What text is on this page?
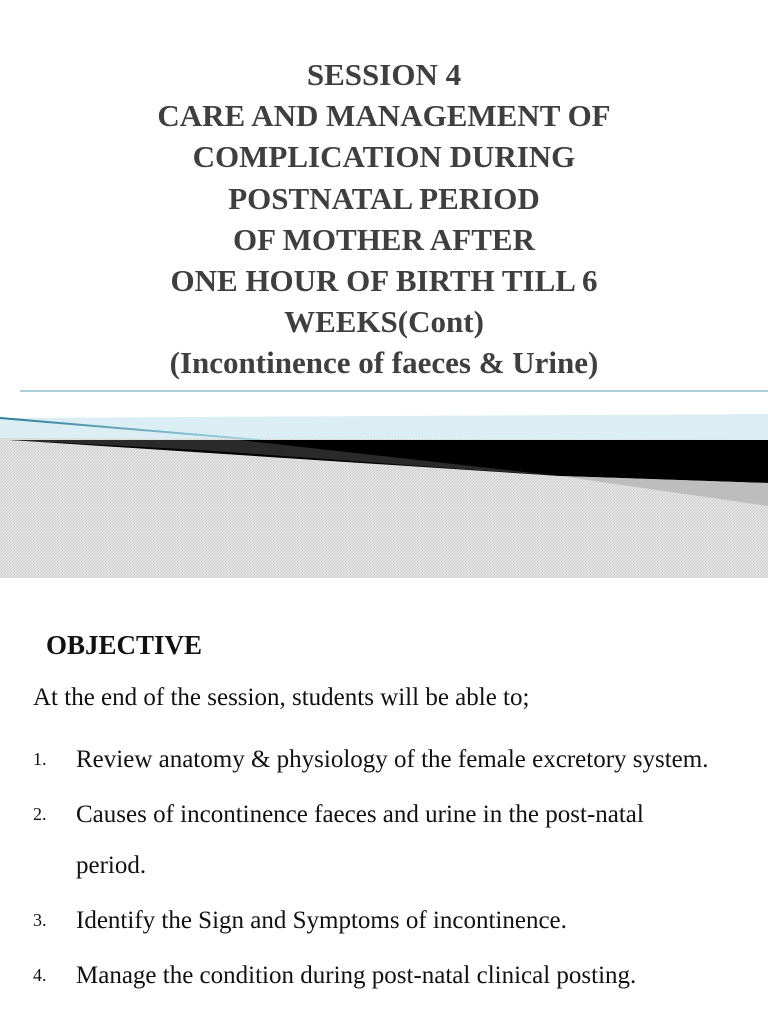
SESSION 4
CARE AND MANAGEMENT OF
COMPLICATION DURING
POSTNATAL PERIOD
OF MOTHER AFTER
ONE HOUR OF BIRTH TILL 6
WEEKS(Cont)
(Incontinence of faeces & Urine)
OBJECTIVE
At the end of the session, students will be able to;
1. Review anatomy & physiology of the female excretory system.
2. Causes of incontinence faeces and urine in the post-natal period.
3. Identify the Sign and Symptoms of incontinence.
4. Manage the condition during post-natal clinical posting.
